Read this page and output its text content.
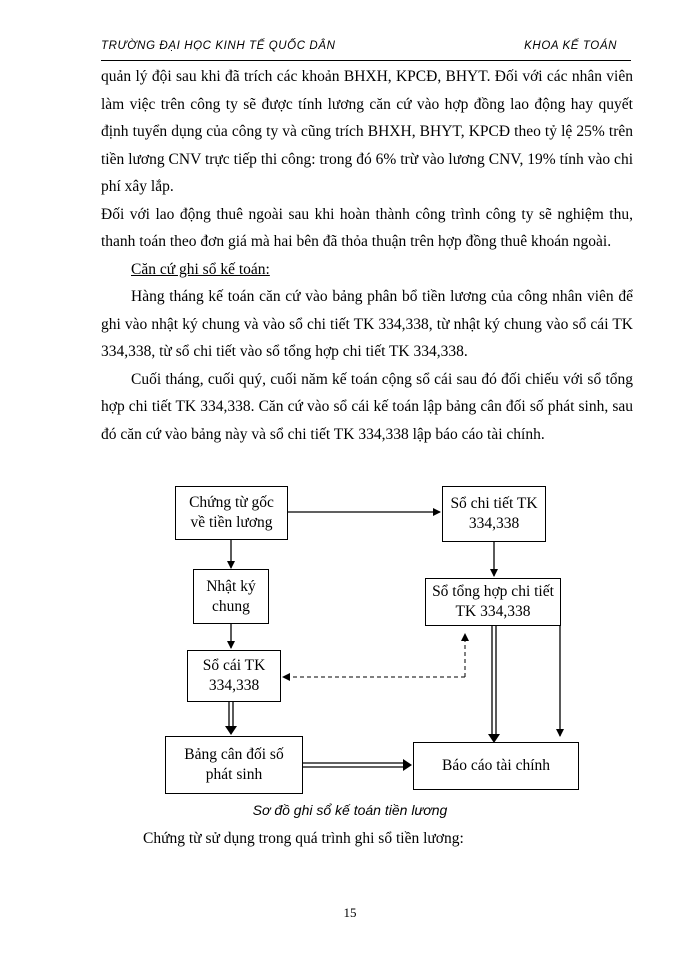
TRƯỜNG ĐẠI HỌC KINH TẾ QUỐC DÂN	KHOA KẾ TOÁN

quản lý đội sau khi đã trích các khoản BHXH, KPCĐ, BHYT. Đối với các nhân viên làm việc trên công ty sẽ được tính lương căn cứ vào hợp đồng lao động hay quyết định tuyển dụng của công ty và cũng trích BHXH, BHYT, KPCĐ theo tỷ lệ 25% trên tiền lương CNV trực tiếp thi công: trong đó 6% trừ vào lương CNV, 19% tính vào chi phí xây lắp.

Đối với lao động thuê ngoài sau khi hoàn thành công trình công ty sẽ nghiệm thu, thanh toán theo đơn giá mà hai bên đã thỏa thuận trên hợp đồng thuê khoán ngoài.

Căn cứ ghi sổ kế toán:

Hàng tháng kế toán căn cứ vào bảng phân bổ tiền lương của công nhân viên để ghi vào nhật ký chung và vào sổ chi tiết TK 334,338, từ nhật ký chung vào sổ cái TK 334,338, từ sổ chi tiết vào sổ tổng hợp chi tiết TK 334,338.

Cuối tháng, cuối quý, cuối năm kế toán cộng sổ cái sau đó đối chiếu với sổ tổng hợp chi tiết TK 334,338. Căn cứ vào sổ cái kế toán lập bảng cân đối số phát sinh, sau đó căn cứ vào bảng này và sổ chi tiết TK 334,338 lập báo cáo tài chính.

Chứng từ gốc về tiền lương
Sổ chi tiết TK 334,338
Nhật ký chung
Sổ tổng hợp chi tiết TK 334,338
Sổ cái TK 334,338
Bảng cân đối số phát sinh
Báo cáo tài chính
Sơ đồ ghi sổ kế toán tiền lương
Chứng từ sử dụng trong quá trình ghi sổ tiền lương:
15
